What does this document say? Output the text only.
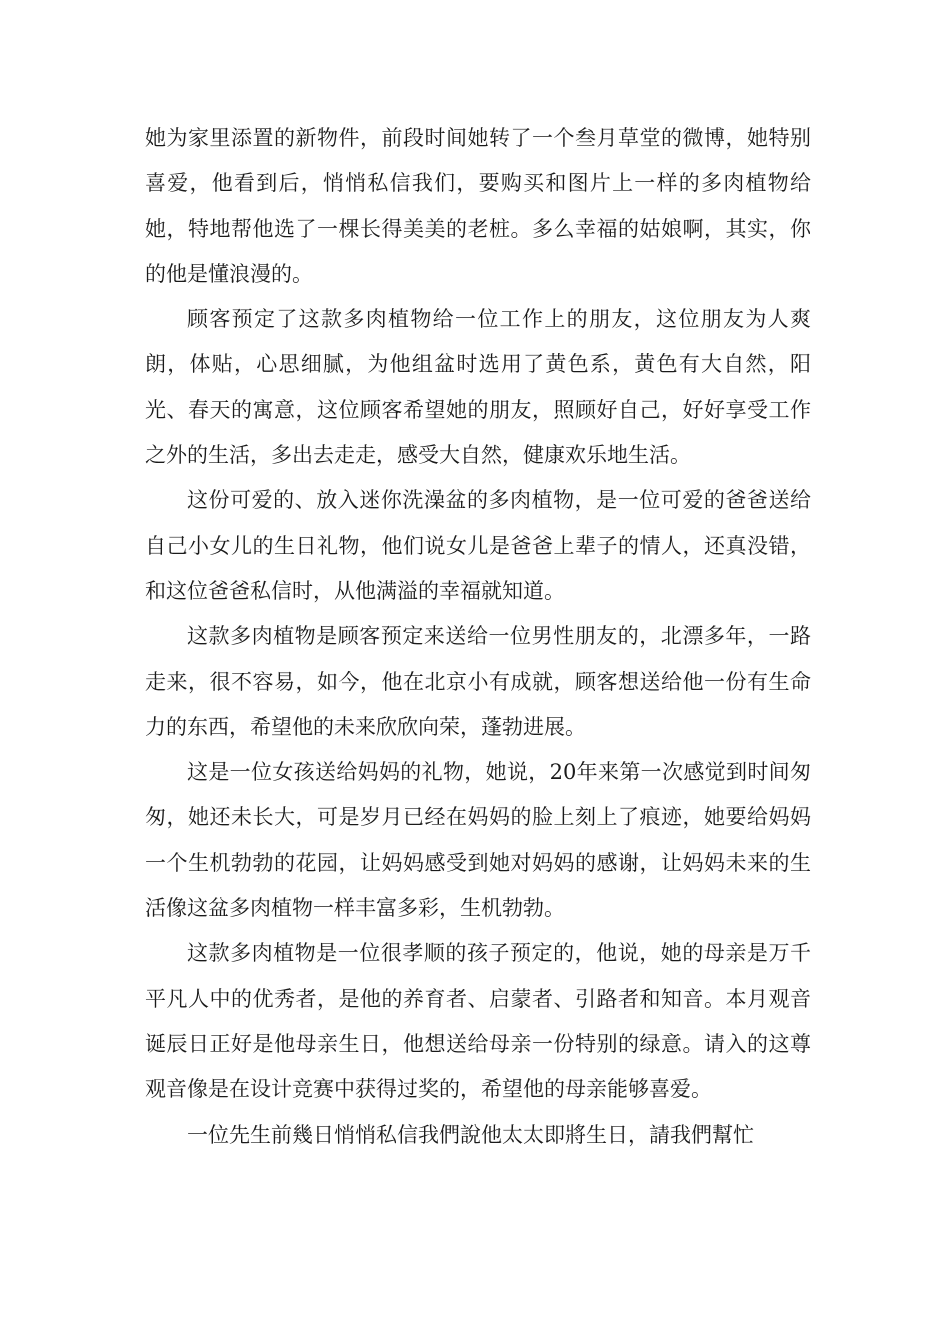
她为家里添置的新物件，前段时间她转了一个叁月草堂的微博，她特别喜爱，他看到后，悄悄私信我们，要购买和图片上一样的多肉植物给她，特地帮他选了一棵长得美美的老桩。多么幸福的姑娘啊，其实，你的他是懂浪漫的。

顾客预定了这款多肉植物给一位工作上的朋友，这位朋友为人爽朗，体贴，心思细腻，为他组盆时选用了黄色系，黄色有大自然，阳光、春天的寓意，这位顾客希望她的朋友，照顾好自己，好好享受工作之外的生活，多出去走走，感受大自然，健康欢乐地生活。

这份可爱的、放入迷你洗澡盆的多肉植物，是一位可爱的爸爸送给自己小女儿的生日礼物，他们说女儿是爸爸上辈子的情人，还真没错，和这位爸爸私信时，从他满溢的幸福就知道。

这款多肉植物是顾客预定来送给一位男性朋友的，北漂多年，一路走来，很不容易，如今，他在北京小有成就，顾客想送给他一份有生命力的东西，希望他的未来欣欣向荣，蓬勃进展。

这是一位女孩送给妈妈的礼物，她说，20年来第一次感觉到时间匆匆，她还未长大，可是岁月已经在妈妈的脸上刻上了痕迹，她要给妈妈一个生机勃勃的花园，让妈妈感受到她对妈妈的感谢，让妈妈未来的生活像这盆多肉植物一样丰富多彩，生机勃勃。

这款多肉植物是一位很孝顺的孩子预定的，他说，她的母亲是万千平凡人中的优秀者，是他的养育者、启蒙者、引路者和知音。本月观音诞辰日正好是他母亲生日，他想送给母亲一份特别的绿意。请入的这尊观音像是在设计竞赛中获得过奖的，希望他的母亲能够喜爱。

一位先生前幾日悄悄私信我們說他太太即將生日，請我們幫忙
